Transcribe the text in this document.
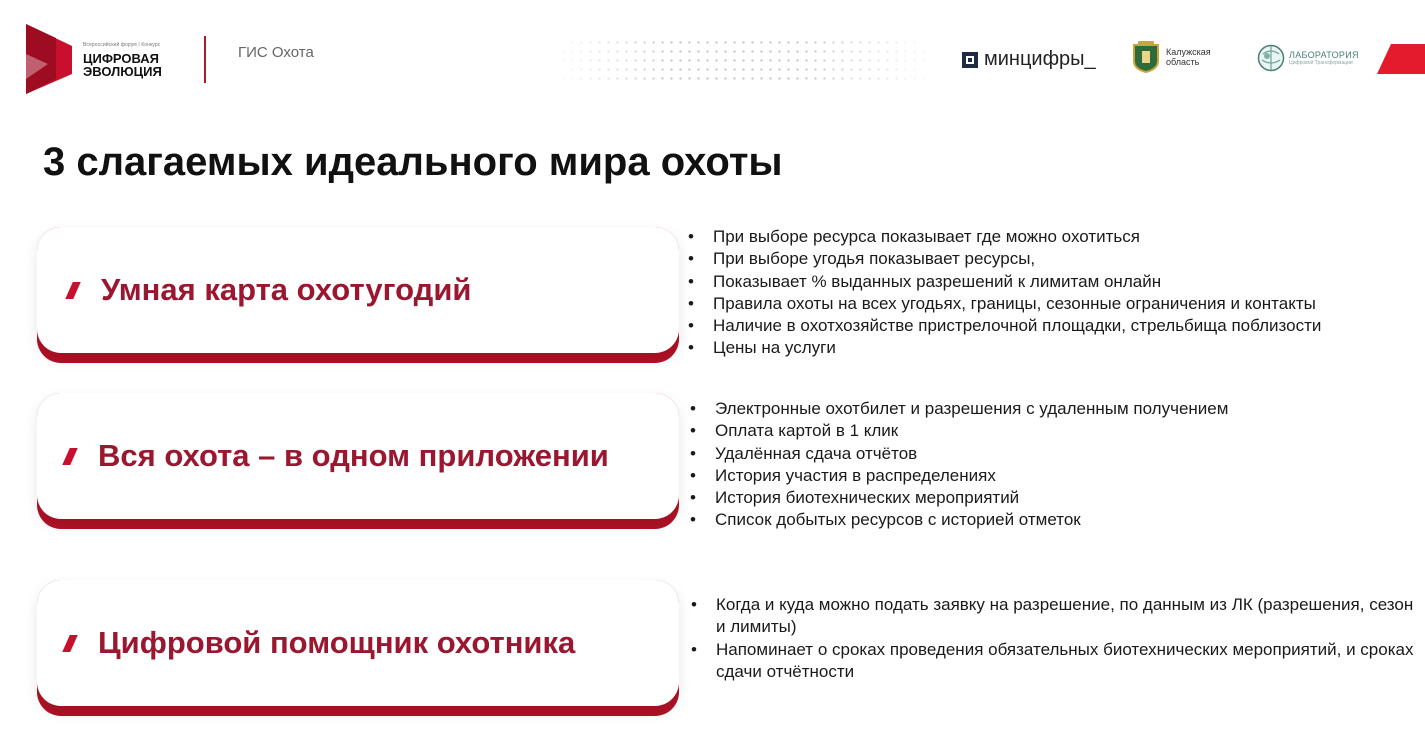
Всероссийский форум | Конкурс
ЦИФРОВАЯ
ЭВОЛЮЦИЯ
ГИС Охота	минцифры_	Калужская
область
ЛАБОРАТОРИЯ
Цифровой Трансформации
3 слагаемых идеального мира охоты
Умная карта охотугодий
• При выборе ресурса показывает где можно охотиться
• При выборе угодья показывает ресурсы,
• Показывает % выданных разрешений к лимитам онлайн
• Правила охоты на всех угодьях, границы, сезонные ограничения и контакты
• Наличие в охотхозяйстве пристрелочной площадки, стрельбища поблизости
• Цены на услуги
Вся охота – в одном приложении
• Электронные охотбилет и разрешения с удаленным получением
• Оплата картой в 1 клик
• Удалённая сдача отчётов
• История участия в распределениях
• История биотехнических мероприятий
• Список добытых ресурсов с историей отметок
Цифровой помощник охотника
• Когда и куда можно подать заявку на разрешение, по данным из ЛК (разрешения, сезон и лимиты)
• Напоминает о сроках проведения обязательных биотехнических мероприятий, и сроках сдачи отчётности
